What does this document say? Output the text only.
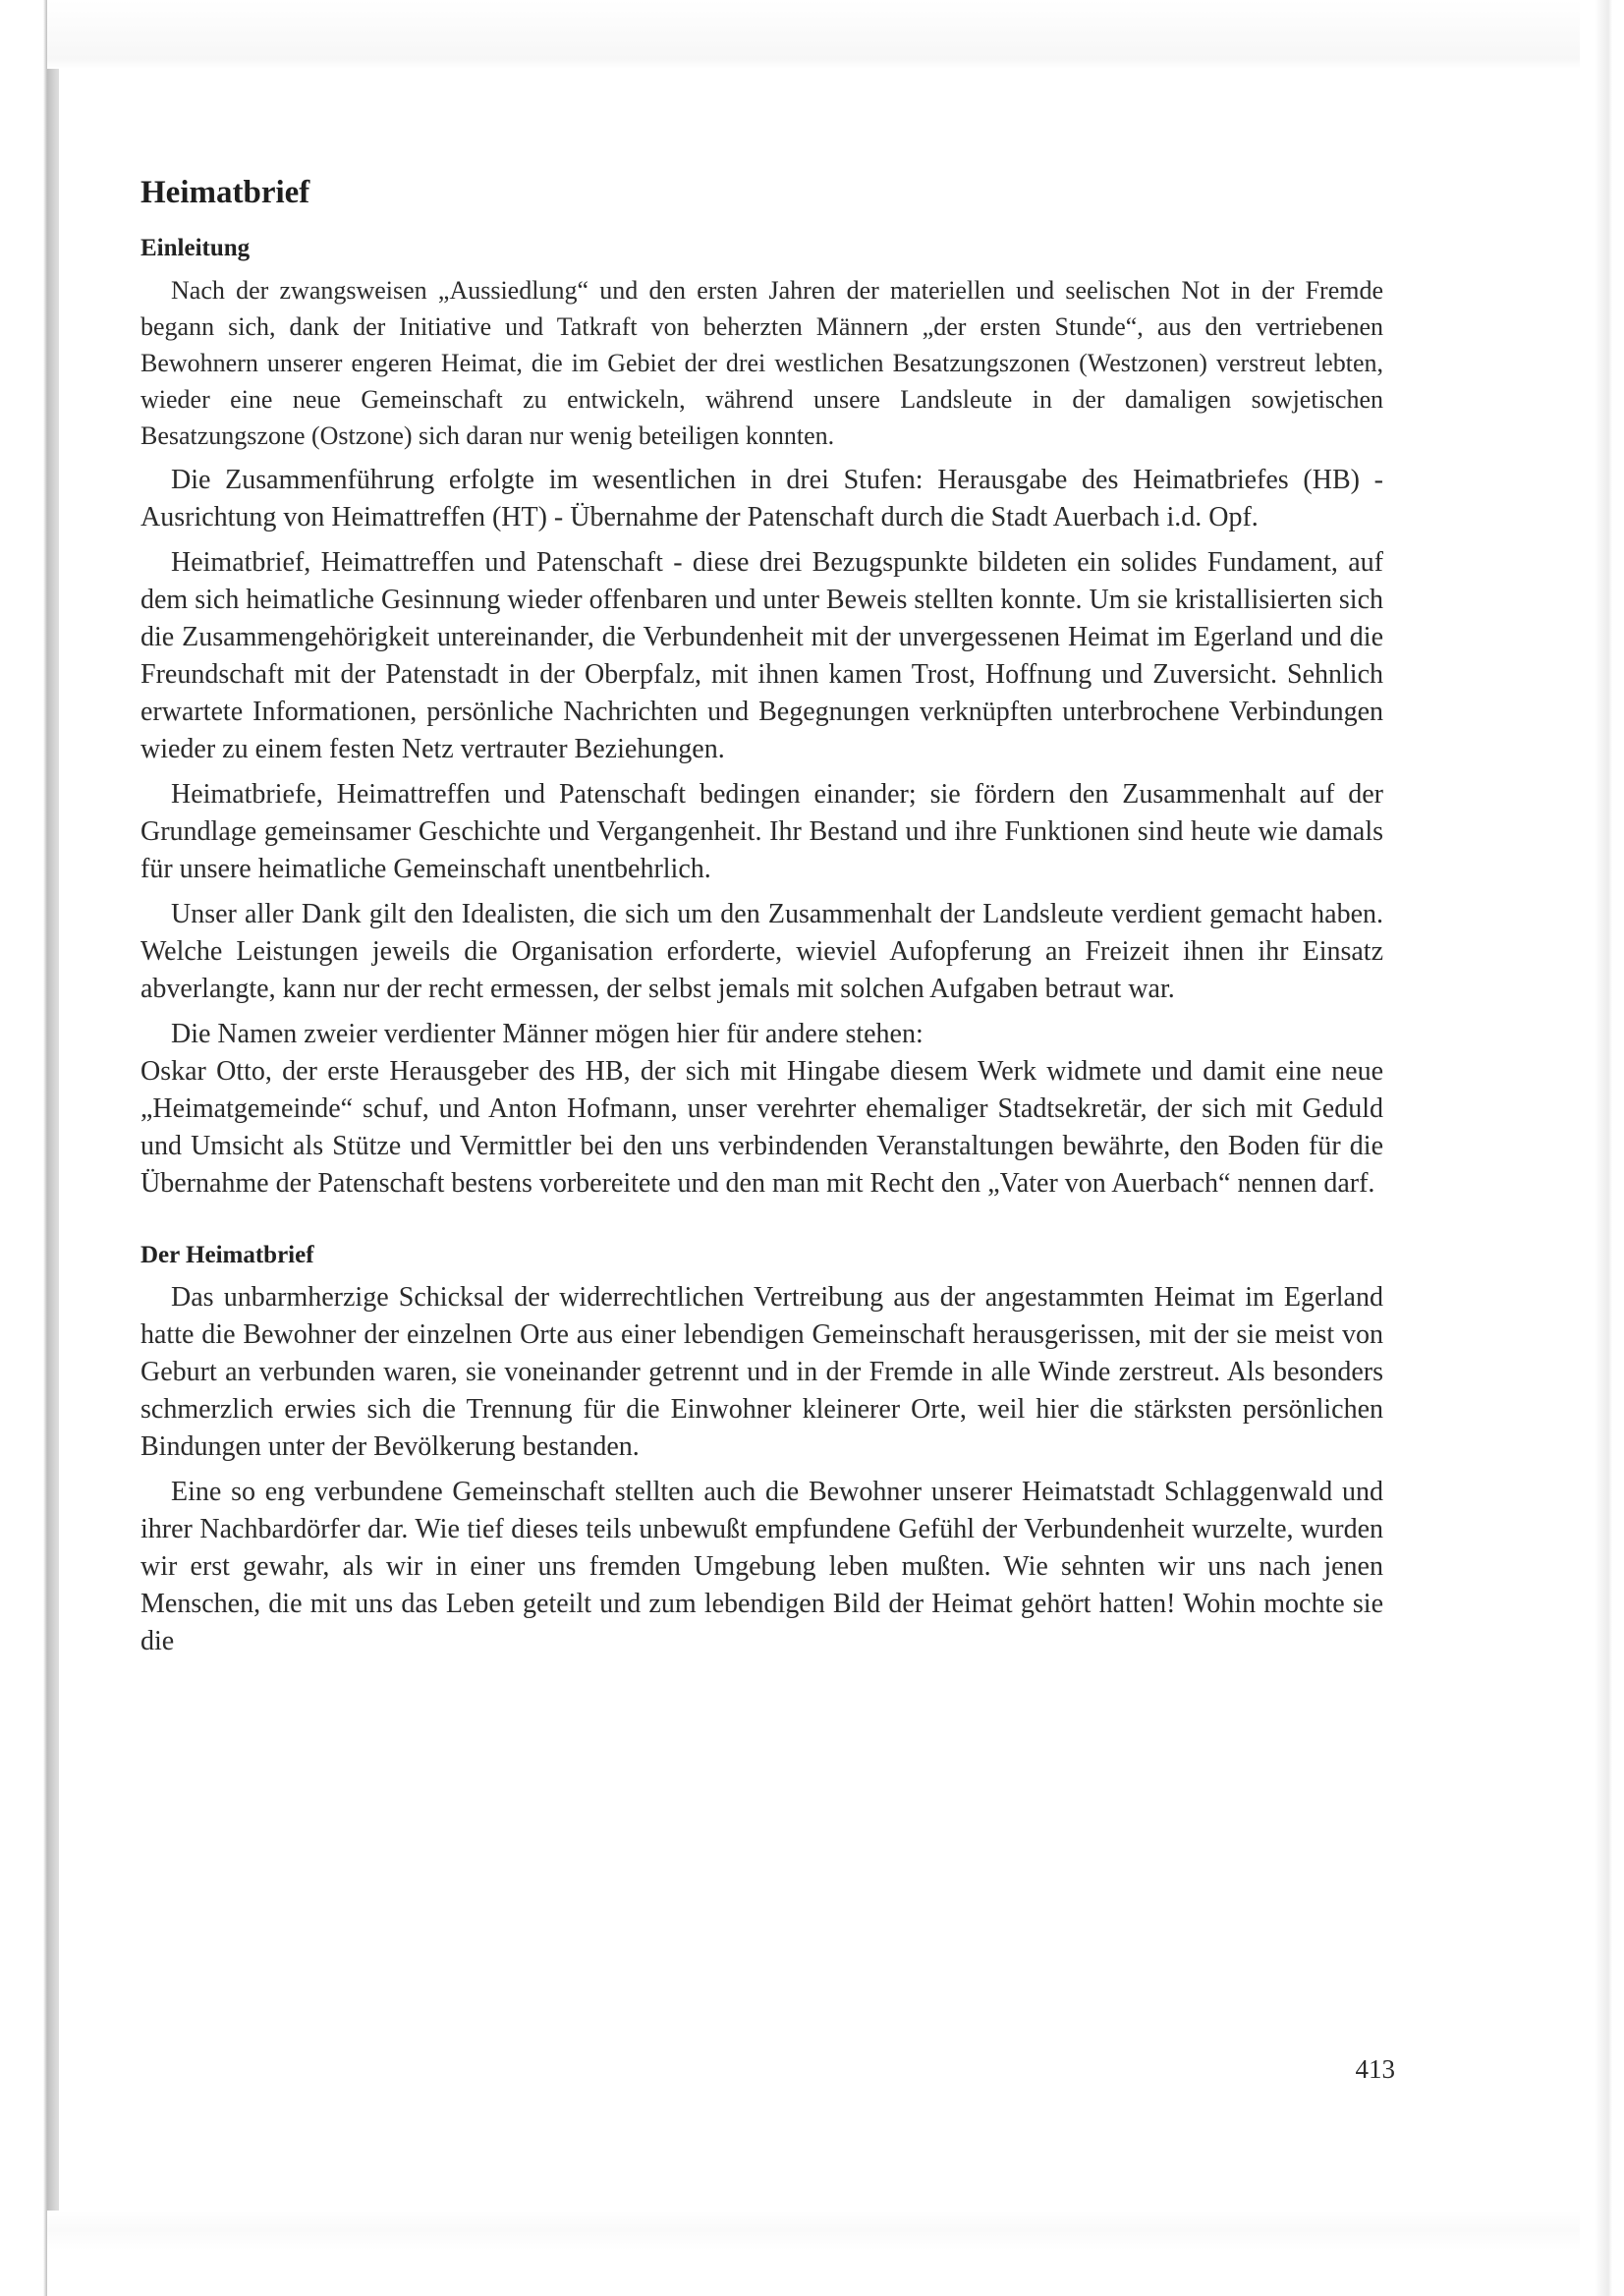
Heimatbrief
Einleitung

Nach der zwangsweisen „Aussiedlung“ und den ersten Jahren der materiellen und seelischen Not in der Fremde begann sich, dank der Initiative und Tatkraft von beherzten Männern „der ersten Stunde“, aus den vertriebenen Bewohnern unserer engeren Heimat, die im Gebiet der drei westlichen Besatzungszonen (Westzonen) verstreut lebten, wieder eine neue Gemeinschaft zu entwickeln, während unsere Landsleute in der damaligen sowjetischen Besatzungszone (Ostzone) sich daran nur wenig beteiligen konnten.

Die Zusammenführung erfolgte im wesentlichen in drei Stufen: Herausgabe des Heimatbriefes (HB) - Ausrichtung von Heimattreffen (HT) - Übernahme der Patenschaft durch die Stadt Auerbach i.d. Opf.

Heimatbrief, Heimattreffen und Patenschaft - diese drei Bezugspunkte bildeten ein solides Fundament, auf dem sich heimatliche Gesinnung wieder offenbaren und unter Beweis stellten konnte. Um sie kristallisierten sich die Zusammengehörigkeit untereinander, die Verbundenheit mit der unvergessenen Heimat im Egerland und die Freundschaft mit der Patenstadt in der Oberpfalz, mit ihnen kamen Trost, Hoffnung und Zuversicht. Sehnlich erwartete Informationen, persönliche Nachrichten und Begegnungen verknüpften unterbrochene Verbindungen wieder zu einem festen Netz vertrauter Beziehungen.

Heimatbriefe, Heimattreffen und Patenschaft bedingen einander; sie fördern den Zusammenhalt auf der Grundlage gemeinsamer Geschichte und Vergangenheit. Ihr Bestand und ihre Funktionen sind heute wie damals für unsere heimatliche Gemeinschaft unentbehrlich.

Unser aller Dank gilt den Idealisten, die sich um den Zusammenhalt der Landsleute verdient gemacht haben. Welche Leistungen jeweils die Organisation erforderte, wieviel Aufopferung an Freizeit ihnen ihr Einsatz abverlangte, kann nur der recht ermessen, der selbst jemals mit solchen Aufgaben betraut war.

Die Namen zweier verdienter Männer mögen hier für andere stehen:

Oskar Otto, der erste Herausgeber des HB, der sich mit Hingabe diesem Werk widmete und damit eine neue „Heimatgemeinde“ schuf, und Anton Hofmann, unser verehrter ehemaliger Stadtsekretär, der sich mit Geduld und Umsicht als Stütze und Vermittler bei den uns verbindenden Veranstaltungen bewährte, den Boden für die Übernahme der Patenschaft bestens vorbereitete und den man mit Recht den „Vater von Auerbach“ nennen darf.

Der Heimatbrief

Das unbarmherzige Schicksal der widerrechtlichen Vertreibung aus der angestammten Heimat im Egerland hatte die Bewohner der einzelnen Orte aus einer lebendigen Gemeinschaft herausgerissen, mit der sie meist von Geburt an verbunden waren, sie voneinander getrennt und in der Fremde in alle Winde zerstreut. Als besonders schmerzlich erwies sich die Trennung für die Einwohner kleinerer Orte, weil hier die stärksten persönlichen Bindungen unter der Bevölkerung bestanden.

Eine so eng verbundene Gemeinschaft stellten auch die Bewohner unserer Heimatstadt Schlaggenwald und ihrer Nachbardörfer dar. Wie tief dieses teils unbewußt empfundene Gefühl der Verbundenheit wurzelte, wurden wir erst gewahr, als wir in einer uns fremden Umgebung leben mußten. Wie sehnten wir uns nach jenen Menschen, die mit uns das Leben geteilt und zum lebendigen Bild der Heimat gehört hatten! Wohin mochte sie die

413
